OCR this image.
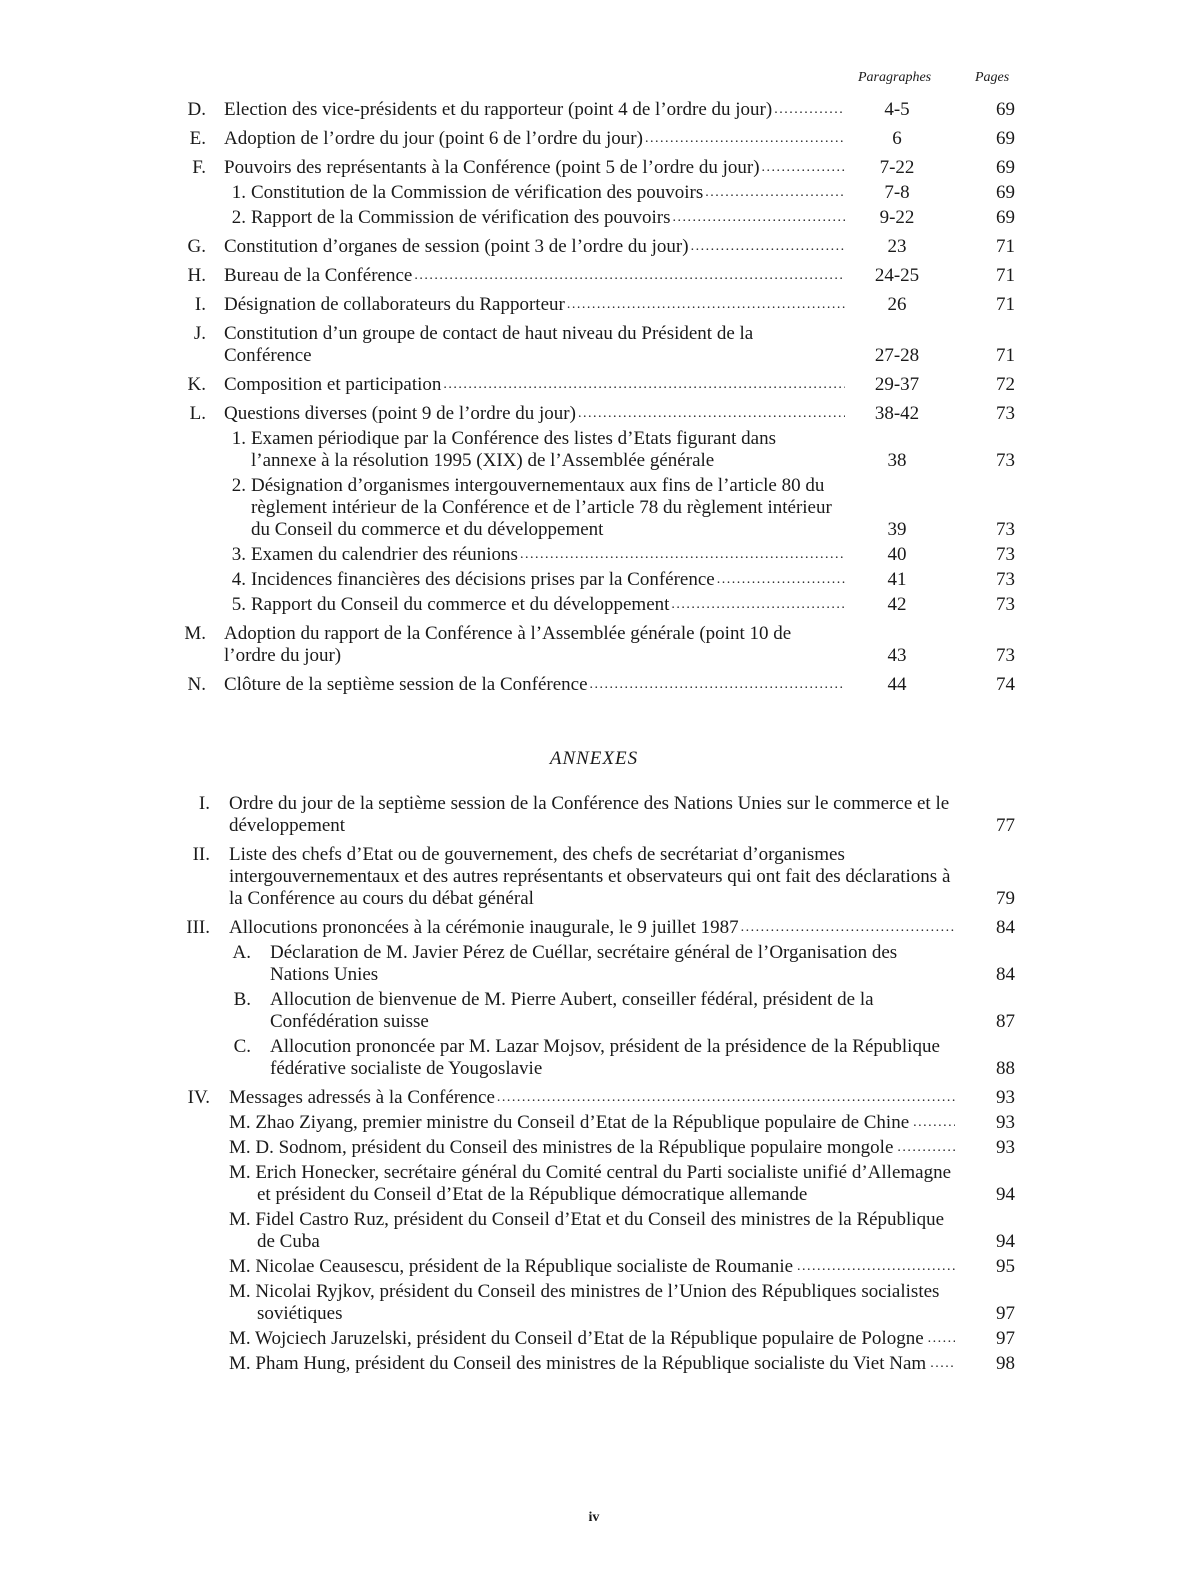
Paragraphes	Pages
D. Election des vice-présidents et du rapporteur (point 4 de l’ordre du jour) . . .	4-5	69
E. Adoption de l’ordre du jour (point 6 de l’ordre du jour) . . .	6	69
F. Pouvoirs des représentants à la Conférence (point 5 de l’ordre du jour) . . .	7-22	69
1. Constitution de la Commission de vérification des pouvoirs . . .	7-8	69
2. Rapport de la Commission de vérification des pouvoirs . . .	9-22	69
G. Constitution d’organes de session (point 3 de l’ordre du jour) . . .	23	71
H. Bureau de la Conférence . . .	24-25	71
I. Désignation de collaborateurs du Rapporteur . . .	26	71
J. Constitution d’un groupe de contact de haut niveau du Président de la Conférence	27-28	71
K. Composition et participation . . .	29-37	72
L. Questions diverses (point 9 de l’ordre du jour) . . .	38-42	73
1. Examen périodique par la Conférence des listes d’Etats figurant dans l’annexe à la résolution 1995 (XIX) de l’Assemblée générale	38	73
2. Désignation d’organismes intergouvernementaux aux fins de l’article 80 du règlement intérieur de la Conférence et de l’article 78 du règlement intérieur du Conseil du commerce et du développement	39	73
3. Examen du calendrier des réunions . . .	40	73
4. Incidences financières des décisions prises par la Conférence . . .	41	73
5. Rapport du Conseil du commerce et du développement . . .	42	73
M. Adoption du rapport de la Conférence à l’Assemblée générale (point 10 de l’ordre du jour)	43	73
N. Clôture de la septième session de la Conférence . . .	44	74
ANNEXES
I. Ordre du jour de la septième session de la Conférence des Nations Unies sur le commerce et le développement	77
II. Liste des chefs d’Etat ou de gouvernement, des chefs de secrétariat d’organismes intergouvernementaux et des autres représentants et observateurs qui ont fait des déclarations à la Conférence au cours du débat général	79
III. Allocutions prononcées à la cérémonie inaugurale, le 9 juillet 1987 . . .	84
A. Déclaration de M. Javier Pérez de Cuéllar, secrétaire général de l’Organisation des Nations Unies	84
B. Allocution de bienvenue de M. Pierre Aubert, conseiller fédéral, président de la Confédération suisse	87
C. Allocution prononcée par M. Lazar Mojsov, président de la présidence de la République fédérative socialiste de Yougoslavie	88
IV. Messages adressés à la Conférence . . .	93
M. Zhao Ziyang, premier ministre du Conseil d’Etat de la République populaire de Chine . . .	93
M. D. Sodnom, président du Conseil des ministres de la République populaire mongole . . .	93
M. Erich Honecker, secrétaire général du Comité central du Parti socialiste unifié d’Allemagne et président du Conseil d’Etat de la République démocratique allemande	94
M. Fidel Castro Ruz, président du Conseil d’Etat et du Conseil des ministres de la République de Cuba	94
M. Nicolae Ceausescu, président de la République socialiste de Roumanie . . .	95
M. Nicolai Ryjkov, président du Conseil des ministres de l’Union des Républiques socialistes soviétiques	97
M. Wojciech Jaruzelski, président du Conseil d’Etat de la République populaire de Pologne . . .	97
M. Pham Hung, président du Conseil des ministres de la République socialiste du Viet Nam . . .	98
iv
